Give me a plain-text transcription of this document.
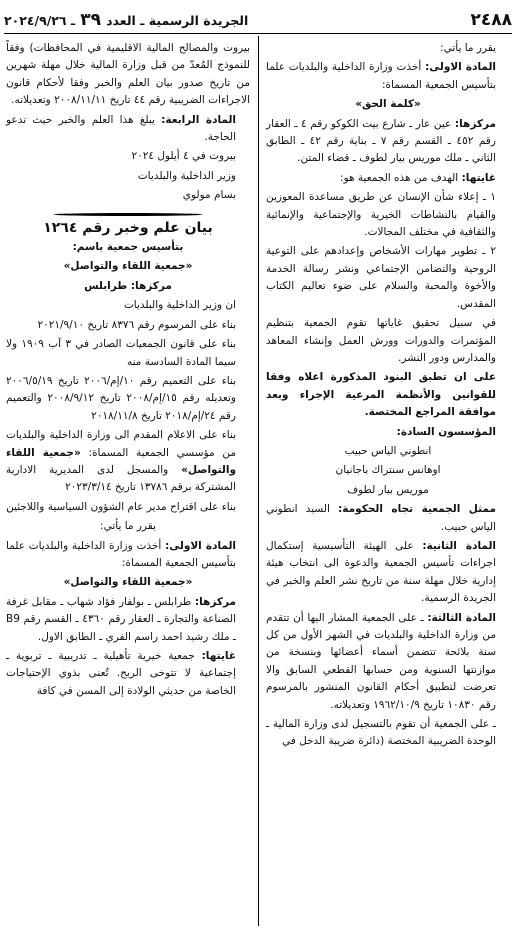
٢٤٨٨
الجريدة الرسمية ـ العدد ٣٩ ـ ٢٠٢٤/٩/٢٦

يقرر ما يأتي:

المادة الاولى: أخذت وزارة الداخلية والبلديات علما بتأسيس الجمعية المسماة:

«كلمة الحق»

مركزها: عين عار ـ شارع بيت الكوكو رقم ٤ ـ العقار رقم ٤٥٢ ـ القسم رقم ٧ ـ بناية رقم ٤٢ ـ الطابق الثاني ـ ملك موريس بيار لطوف ـ قضاء المتن.

غايتها: الهدف من هذه الجمعية هو:

١ ـ إعلاء شأن الإنسان عن طريق مساعدة المعوزين والقيام بالنشاطات الخيرية والإجتماعية والإنمائية والثقافية في مختلف المجالات.

٢ ـ تطوير مهارات الأشخاص وإعدادهم على التوعية الروحية والتضامن الإجتماعي ونشر رسالة الخدمة والأخوة والمحبة والسلام على ضوء تعاليم الكتاب المقدس.

في سبيل تحقيق غاياتها تقوم الجمعية بتنظيم المؤتمرات والدورات وورش العمل وإنشاء المعاهد والمدارس ودور النشر.

على ان تطبق البنود المذكورة اعلاه وفقا للقوانين والأنظمة المرعية الإجراء وبعد موافقة المراجع المختصة.

المؤسسون السادة:

انطوني الياس حبيب

اوهانس سنتراك باجانيان

موريس بيار لطوف

ممثل الجمعية تجاه الحكومة: السيد انطوني الياس حبيب.

المادة الثانية: على الهيئة التأسيسية إستكمال اجراءات تأسيس الجمعية والدعوة الى انتخاب هيئة إدارية خلال مهلة سنة من تاريخ نشر العلم والخبر في الجريدة الرسمية.

المادة الثالثة: ـ على الجمعية المشار اليها أن تتقدم من وزارة الداخلية والبلديات في الشهر الأول من كل سنة بلائحة تتضمن أسماء أعضائها وبنسخة من موازنتها السنوية ومن حسابها القطعي السابق والا تعرضت لتطبيق أحكام القانون المنشور بالمرسوم رقم ١٠٨٣٠ تاريخ ١٩٦٢/١٠/٩ وتعديلاته.

ـ على الجمعية أن تقوم بالتسجيل لدى وزارة المالية ـ الوحدة الضريبية المختصة (دائرة ضريبة الدخل في

بيروت والمصالح المالية الاقليمية في المحافظات) وفقاً للنموذج المُعدّ من قبل وزارة المالية خلال مهلة شهرين من تاريخ صدور بيان العلم والخبر وفقا لأحكام قانون الاجراءات الضريبية رقم ٤٤ تاريخ ٢٠٠٨/١١/١١ وتعديلاته.

المادة الرابعة: يبلغ هذا العلم والخبر حيث تدعو الحاجة.

بيروت في ٤ أيلول ٢٠٢٤

وزير الداخلية والبلديات

بسام مولوي

بيان علم وخبر رقم ١٢٦٤

بتأسيس جمعية باسم:

«جمعية اللقاء والتواصل»

مركزها: طرابلس

ان وزير الداخلية والبلديات

بناء على المرسوم رقم ٨٣٧٦ تاريخ ٢٠٢١/٩/١٠

بناء على قانون الجمعيات الصادر في ٣ آب ١٩٠٩ ولا سيما المادة السادسة منه

بناء على التعميم رقم ١٠/إم/٢٠٠٦ تاريخ ٢٠٠٦/٥/١٩ وتعديله رقم ١٥/إم/٢٠٠٨ تاريخ ٢٠٠٨/٩/١٢ والتعميم رقم ٢٤/إم/٢٠١٨ تاريخ ٢٠١٨/١١/٨

بناء على الاعلام المقدم الى وزارة الداخلية والبلديات من مؤسسي الجمعية المسماة: «جمعية اللقاء والتواصل» والمسجل لدى المديرية الادارية المشتركة برقم ١٣٧٨٦ تاريخ ٢٠٢٣/٣/١٤

بناء على اقتراح مدير عام الشؤون السياسية واللاجئين

يقرر ما يأتي:

المادة الاولى: أخذت وزارة الداخلية والبلديات علما بتأسيس الجمعية المسماة:

«جمعية اللقاء والتواصل»

مركزها: طرابلس ـ بولفار فؤاد شهاب ـ مقابل غرفة الصناعة والتجارة ـ العقار رقم ٤٣٦٠ ـ القسم رقم B9 ـ ملك رشيد احمد راسم الفري ـ الطابق الاول.

غايتها: جمعية خيرية تأهيلية ـ تدريبية ـ تربوية ـ إجتماعية لا تتوخى الربح. تُعنى بذوي الإحتياجات الخاصة من حديثي الولادة إلى المسن في كافة
